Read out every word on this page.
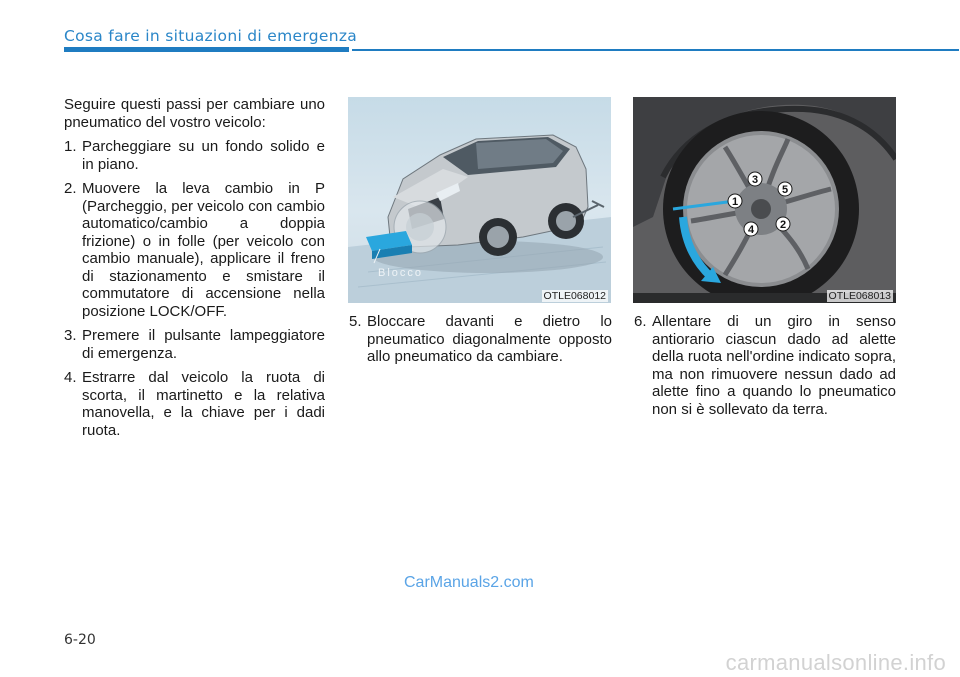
Cosa fare in situazioni di emergenza

Seguire questi passi per cambiare uno pneumatico del vostro veicolo:

1. Parcheggiare su un fondo solido e in piano.
2. Muovere la leva cambio in P (Parcheggio, per veicolo con cambio automatico/cambio a doppia frizione) o in folle (per veicolo con cambio manuale), applicare il freno di stazionamento e smistare il commutatore di accensione nella posizione LOCK/OFF.
3. Premere il pulsante lampeggiatore di emergenza.
4. Estrarre dal veicolo la ruota di scorta, il martinetto e la relativa manovella, e la chiave per i dadi ruota.
Blocco
OTLE068012
1
2
3
4
5
OTLE068013
5. Bloccare davanti e dietro lo pneumatico diagonalmente opposto allo pneumatico da cambiare.
6. Allentare di un giro in senso antiorario ciascun dado ad alette della ruota nell'ordine indicato sopra, ma non rimuovere nessun dado ad alette fino a quando lo pneumatico non si è sollevato da terra.
CarManuals2.com
6-20
carmanualsonline.info
